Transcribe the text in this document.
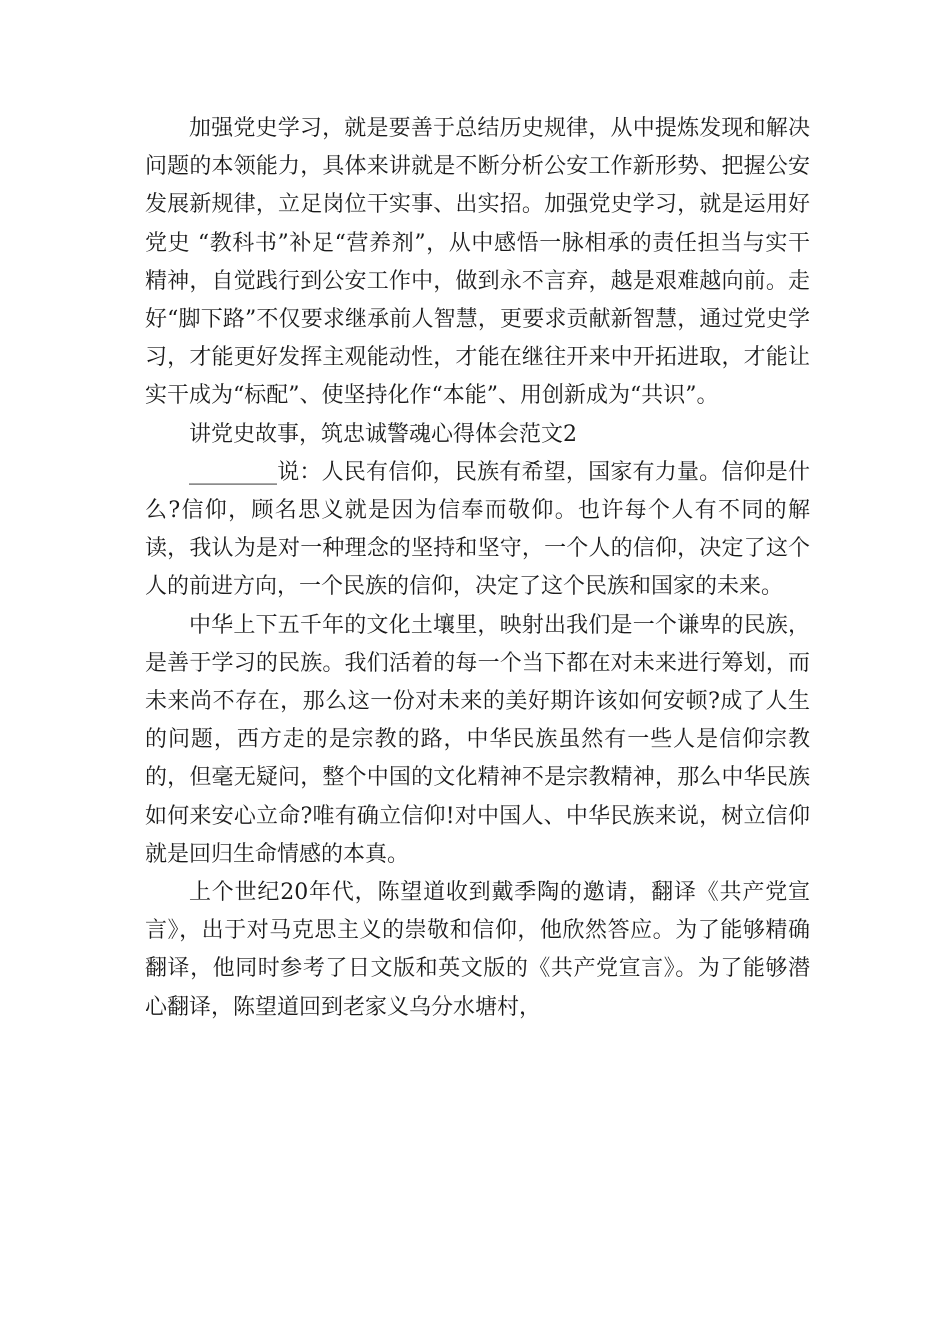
加强党史学习，就是要善于总结历史规律，从中提炼发现和解决问题的本领能力，具体来讲就是不断分析公安工作新形势、把握公安发展新规律，立足岗位干实事、出实招。加强党史学习，就是运用好党史 “教科书”补足“营养剂”，从中感悟一脉相承的责任担当与实干精神，自觉践行到公安工作中，做到永不言弃，越是艰难越向前。走好“脚下路”不仅要求继承前人智慧，更要求贡献新智慧，通过党史学习，才能更好发挥主观能动性，才能在继往开来中开拓进取，才能让实干成为“标配”、使坚持化作“本能”、用创新成为“共识”。

讲党史故事，筑忠诚警魂心得体会范文2

________说：人民有信仰，民族有希望，国家有力量。信仰是什么?信仰，顾名思义就是因为信奉而敬仰。也许每个人有不同的解读，我认为是对一种理念的坚持和坚守，一个人的信仰，决定了这个人的前进方向，一个民族的信仰，决定了这个民族和国家的未来。

中华上下五千年的文化土壤里，映射出我们是一个谦卑的民族，是善于学习的民族。我们活着的每一个当下都在对未来进行筹划，而未来尚不存在，那么这一份对未来的美好期许该如何安顿?成了人生的问题，西方走的是宗教的路，中华民族虽然有一些人是信仰宗教的，但毫无疑问，整个中国的文化精神不是宗教精神，那么中华民族如何来安心立命?唯有确立信仰!对中国人、中华民族来说，树立信仰就是回归生命情感的本真。

上个世纪20年代，陈望道收到戴季陶的邀请，翻译《共产党宣言》，出于对马克思主义的崇敬和信仰，他欣然答应。为了能够精确翻译，他同时参考了日文版和英文版的《共产党宣言》。为了能够潜心翻译，陈望道回到老家义乌分水塘村，
